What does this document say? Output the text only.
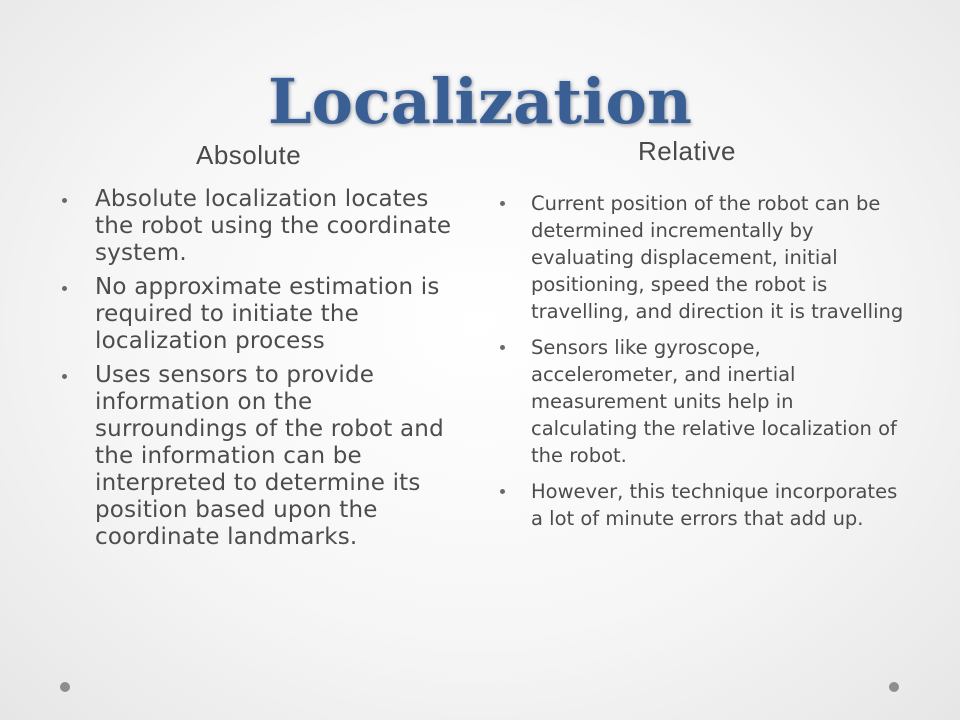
Localization
Absolute	Relative
Absolute localization locates the robot using the coordinate system.
No approximate estimation is required to initiate the localization process
Uses sensors to provide information on the surroundings of the robot and the information can be interpreted to determine its position based upon the coordinate landmarks.
Current position of the robot can be determined incrementally by evaluating displacement, initial positioning, speed the robot is travelling, and direction it is travelling
Sensors like gyroscope, accelerometer, and inertial measurement units help in calculating the relative localization of the robot.
However, this technique incorporates a lot of minute errors that add up.
